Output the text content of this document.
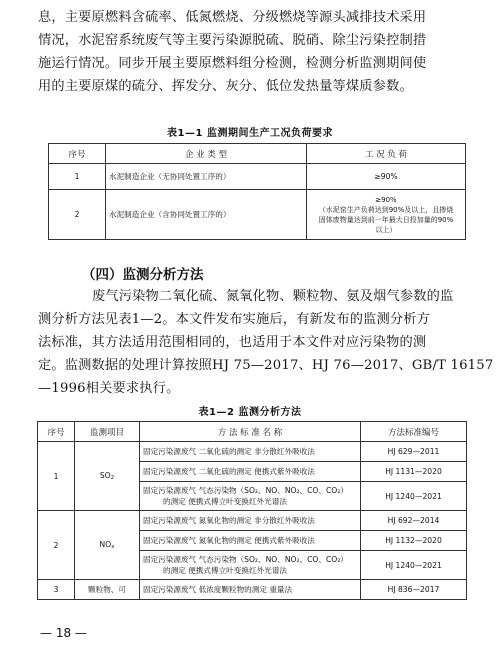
息，主要原燃料含硫率、低氮燃烧、分级燃烧等源头减排技术采用
情况，水泥窑系统废气等主要污染源脱硫、脱硝、除尘污染控制措
施运行情况。同步开展主要原燃料组分检测，检测分析监测期间使
用的主要原煤的硫分、挥发分、灰分、低位发热量等煤质参数。

表1—1 监测期间生产工况负荷要求
序号	企 业 类 型	工 况 负 荷
1	水泥制造企业（无协同处置工序的）	≥90%
2	水泥制造企业（含协同处置工序的）	≥90%
（水泥窑生产负荷达到90%及以上，且掺烧
固体废物量达到前一年最大日投加量的90%
以上）
（四）监测分析方法

废气污染物二氧化硫、氮氧化物、颗粒物、氨及烟气参数的监
测分析方法见表1—2。本文件发布实施后，有新发布的监测分析方
法标准，其方法适用范围相同的，也适用于本文件对应污染物的测
定。监测数据的处理计算按照HJ 75—2017、HJ 76—2017、GB/T 16157
—1996相关要求执行。

表1—2 监测分析方法
序号	监测项目	方 法 标 准 名 称	方法标准编号
1	SO2	固定污染源废气 二氧化硫的测定 非分散红外吸收法	HJ 629—2011
		固定污染源废气 二氧化硫的测定 便携式紫外吸收法	HJ 1131—2020

		固定污染源废气 气态污染物（SO₂、NO、NO₂、CO、CO₂）
的测定 便携式傅立叶变换红外光谱法	HJ 1240—2021
2	NOx	固定污染源废气 氮氧化物的测定 非分散红外吸收法	HJ 692—2014
		固定污染源废气 氮氧化物的测定 便携式紫外吸收法	HJ 1132—2020

		固定污染源废气 气态污染物（SO₂、NO、NO₂、CO、CO₂）
的测定 便携式傅立叶变换红外光谱法	HJ 1240—2021
3	颗粒物、可	固定污染源废气 低浓度颗粒物的测定 重量法	HJ 836—2017
— 18 —
